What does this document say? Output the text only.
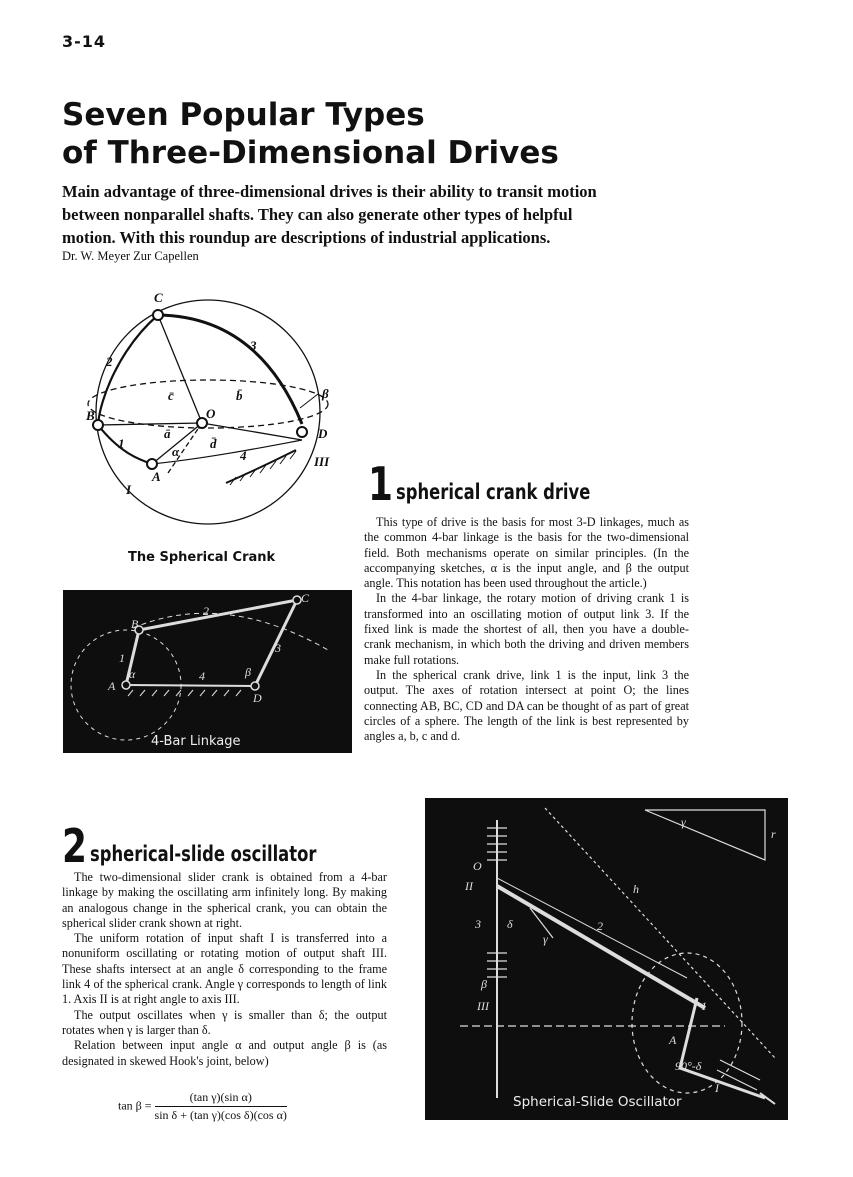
3-14
Seven Popular Types
of Three-Dimensional Drives

Main advantage of three-dimensional drives is their ability to transit motion between nonparallel shafts. They can also generate other types of helpful motion. With this roundup are descriptions of industrial applications.

Dr. W. Meyer Zur Capellen

C
3
2
β
c̄	b̄
B	O
D
1
ā
d̄
α	4
A
I
III
The Spherical Crank
C
2
B
1
3
A
α	4	β
D
4-Bar Linkage
1 spherical crank drive

This type of drive is the basis for most 3-D linkages, much as the common 4-bar linkage is the basis for the two-dimensional field. Both mechanisms operate on similar principles. (In the accompanying sketches, α is the input angle, and β the output angle. This notation has been used throughout the article.)

In the 4-bar linkage, the rotary motion of driving crank 1 is transformed into an oscillating motion of output link 3. If the fixed link is made the shortest of all, then you have a double-crank mechanism, in which both the driving and driven members make full rotations.

In the spherical crank drive, link 1 is the input, link 3 the output. The axes of rotation intersect at point O; the lines connecting AB, BC, CD and DA can be thought of as part of great circles of a sphere. The length of the link is best represented by angles a, b, c and d.

2 spherical-slide oscillator

The two-dimensional slider crank is obtained from a 4-bar linkage by making the oscillating arm infinitely long. By making an analogous change in the spherical crank, you can obtain the spherical slider crank shown at right.

The uniform rotation of input shaft I is transferred into a nonuniform oscillating or rotating motion of output shaft III. These shafts intersect at an angle δ corresponding to the frame link 4 of the spherical crank. Angle γ corresponds to length of link 1. Axis II is at right angle to axis III.

The output oscillates when γ is smaller than δ; the output rotates when γ is larger than δ.

Relation between input angle α and output angle β is (as designated in skewed Hook's joint, below)

$\tan \beta = \frac{\text{(tan γ)(sin α)}}{\text{sin δ + (tan γ)(cos δ)(cos α)}}$
O
II
3 δ
γ
2
h
r
γ
β
III	1
A
90°-δ
I
Spherical-Slide Oscillator
